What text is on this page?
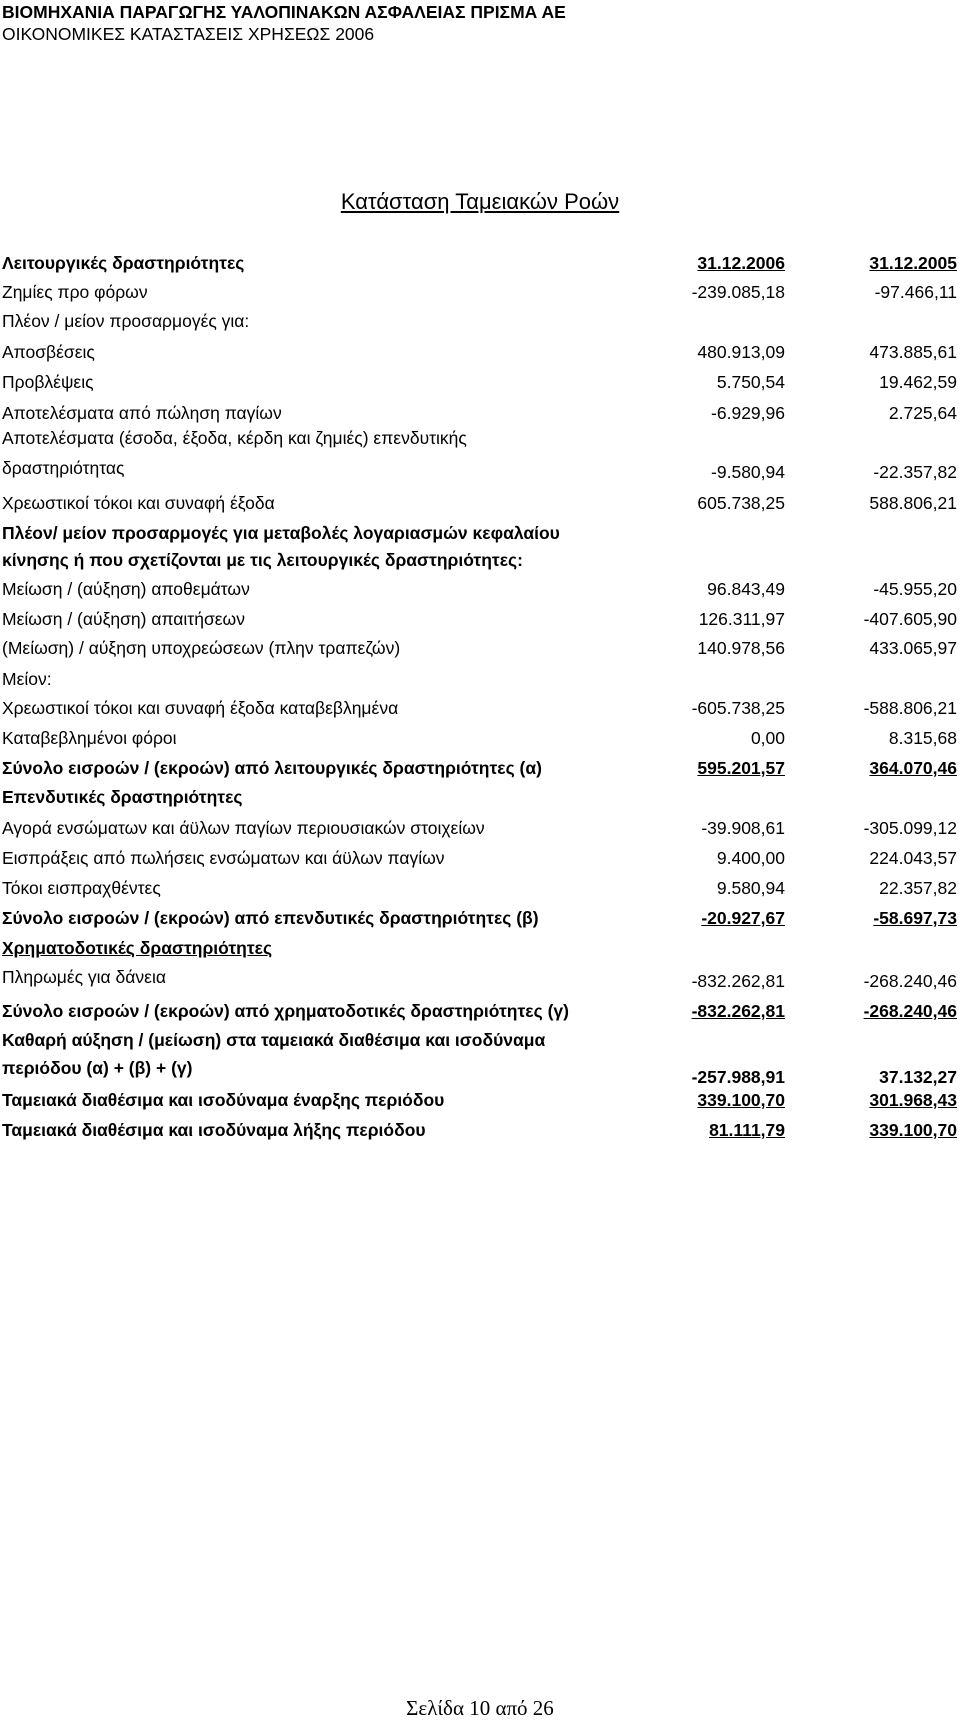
ΒΙΟΜΗΧΑΝΙΑ ΠΑΡΑΓΩΓΗΣ ΥΑΛΟΠΙΝΑΚΩΝ ΑΣΦΑΛΕΙΑΣ ΠΡΙΣΜΑ ΑΕ
ΟΙΚΟΝΟΜΙΚΕΣ ΚΑΤΑΣΤΑΣΕΙΣ ΧΡΗΣΕΩΣ 2006
Κατάσταση Ταμειακών Ροών
Λειτουργικές δραστηριότητες	31.12.2006	31.12.2005
Ζημίες προ φόρων	-239.085,18	-97.466,11
Πλέον / μείον προσαρμογές για:
Αποσβέσεις	480.913,09	473.885,61
Προβλέψεις	5.750,54	19.462,59
Αποτελέσματα από πώληση παγίων	-6.929,96	2.725,64
Αποτελέσματα (έσοδα, έξοδα, κέρδη και ζημιές) επενδυτικής δραστηριότητας	-9.580,94	-22.357,82
Χρεωστικοί τόκοι και συναφή έξοδα	605.738,25	588.806,21
Πλέον/ μείον προσαρμογές για μεταβολές λογαριασμών κεφαλαίου κίνησης ή που σχετίζονται με τις λειτουργικές δραστηριότητες:
Μείωση / (αύξηση) αποθεμάτων	96.843,49	-45.955,20
Μείωση / (αύξηση) απαιτήσεων	126.311,97	-407.605,90
(Μείωση) / αύξηση υποχρεώσεων (πλην τραπεζών)	140.978,56	433.065,97
Μείον:
Χρεωστικοί τόκοι και συναφή έξοδα καταβεβλημένα	-605.738,25	-588.806,21
Καταβεβλημένοι φόροι	0,00	8.315,68
Σύνολο εισροών / (εκροών) από λειτουργικές δραστηριότητες (α)	595.201,57	364.070,46
Επενδυτικές δραστηριότητες
Αγορά ενσώματων και άϋλων παγίων περιουσιακών στοιχείων	-39.908,61	-305.099,12
Εισπράξεις από πωλήσεις ενσώματων και άϋλων παγίων	9.400,00	224.043,57
Τόκοι εισπραχθέντες	9.580,94	22.357,82
Σύνολο εισροών / (εκροών) από επενδυτικές δραστηριότητες (β)	-20.927,67	-58.697,73
Χρηματοδοτικές δραστηριότητες
Πληρωμές για δάνεια	-832.262,81	-268.240,46
Σύνολο εισροών / (εκροών) από χρηματοδοτικές δραστηριότητες (γ)	-832.262,81	-268.240,46
Καθαρή αύξηση / (μείωση) στα ταμειακά διαθέσιμα και ισοδύναμα περιόδου (α) + (β) + (γ)	-257.988,91	37.132,27
Ταμειακά διαθέσιμα και ισοδύναμα έναρξης περιόδου	339.100,70	301.968,43
Ταμειακά διαθέσιμα και ισοδύναμα λήξης περιόδου	81.111,79	339.100,70
Σελίδα 10 από 26
